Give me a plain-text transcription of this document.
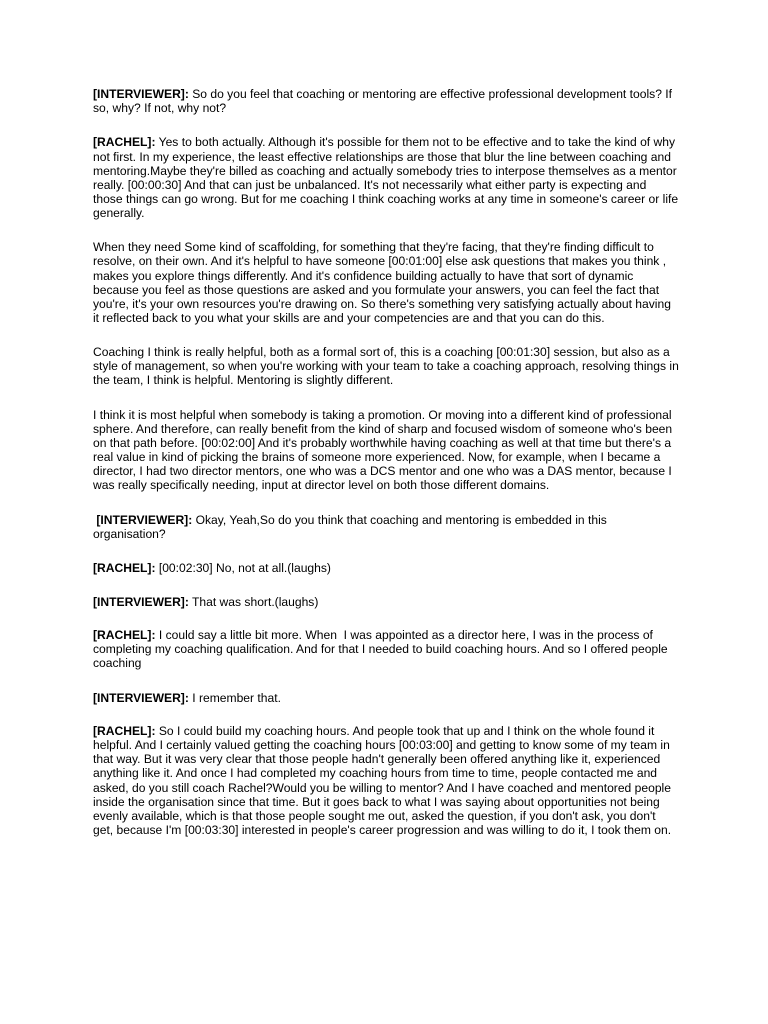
[INTERVIEWER]: So do you feel that coaching or mentoring are effective professional development tools? If so, why? If not, why not?

[RACHEL]: Yes to both actually. Although it's possible for them not to be effective and to take the kind of why not first. In my experience, the least effective relationships are those that blur the line between coaching and mentoring.Maybe they're billed as coaching and actually somebody tries to interpose themselves as a mentor really. [00:00:30] And that can just be unbalanced. It's not necessarily what either party is expecting and those things can go wrong. But for me coaching I think coaching works at any time in someone's career or life generally.

When they need Some kind of scaffolding, for something that they're facing, that they're finding difficult to resolve, on their own. And it's helpful to have someone [00:01:00] else ask questions that makes you think , makes you explore things differently. And it's confidence building actually to have that sort of dynamic because you feel as those questions are asked and you formulate your answers, you can feel the fact that you're, it's your own resources you're drawing on. So there's something very satisfying actually about having it reflected back to you what your skills are and your competencies are and that you can do this.

Coaching I think is really helpful, both as a formal sort of, this is a coaching [00:01:30] session, but also as a style of management, so when you're working with your team to take a coaching approach, resolving things in the team, I think is helpful. Mentoring is slightly different.

I think it is most helpful when somebody is taking a promotion. Or moving into a different kind of professional sphere. And therefore, can really benefit from the kind of sharp and focused wisdom of someone who's been on that path before. [00:02:00] And it's probably worthwhile having coaching as well at that time but there's a real value in kind of picking the brains of someone more experienced. Now, for example, when I became a director, I had two director mentors, one who was a DCS mentor and one who was a DAS mentor, because I was really specifically needing, input at director level on both those different domains.

[INTERVIEWER]: Okay, Yeah,So do you think that coaching and mentoring is embedded in this organisation?

[RACHEL]: [00:02:30] No, not at all.(laughs)

[INTERVIEWER]: That was short.(laughs)

[RACHEL]: I could say a little bit more. When  I was appointed as a director here, I was in the process of completing my coaching qualification. And for that I needed to build coaching hours. And so I offered people coaching

[INTERVIEWER]: I remember that.

[RACHEL]: So I could build my coaching hours. And people took that up and I think on the whole found it helpful. And I certainly valued getting the coaching hours [00:03:00] and getting to know some of my team in that way. But it was very clear that those people hadn't generally been offered anything like it, experienced anything like it. And once I had completed my coaching hours from time to time, people contacted me and asked, do you still coach Rachel?Would you be willing to mentor? And I have coached and mentored people inside the organisation since that time. But it goes back to what I was saying about opportunities not being evenly available, which is that those people sought me out, asked the question, if you don't ask, you don't get, because I'm [00:03:30] interested in people's career progression and was willing to do it, I took them on.
